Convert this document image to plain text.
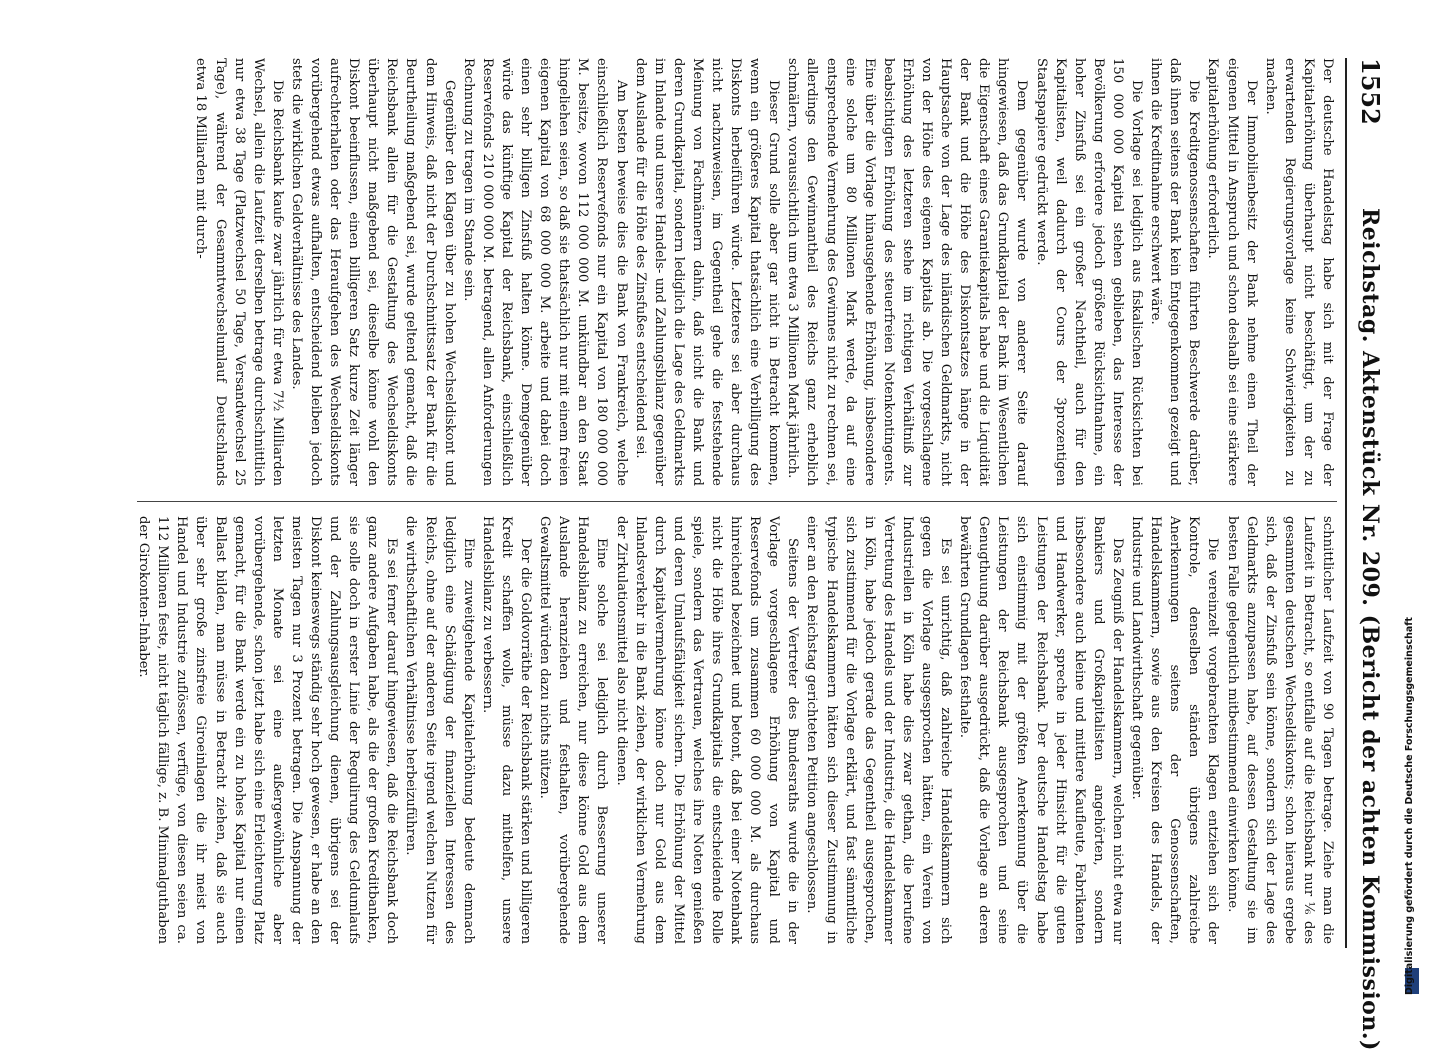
1552
Reichstag. Aktenstück Nr. 209. (Bericht der achten Kommission.)

Der deutsche Handelstag habe sich mit der Frage der Kapitalerhöhung überhaupt nicht beschäftigt, um der zu erwartenden Regierungsvorlage keine Schwierigkeiten zu machen.

Der Immobilienbesitz der Bank nehme einen Theil der eigenen Mittel in Anspruch und schon deshalb sei eine stärkere Kapitalerhöhung erforderlich.

Die Kreditgenossenschaften führten Beschwerde darüber, daß ihnen seitens der Bank kein Entgegenkommen gezeigt und ihnen die Kreditnahme erschwert wäre.

Die Vorlage sei lediglich aus fiskalischen Rücksichten bei 150 000 000 Kapital stehen geblieben, das Interesse der Bevölkerung erfordere jedoch größere Rücksichtnahme, ein hoher Zinsfuß sei ein großer Nachtheil, auch für den Kapitalisten, weil dadurch der Cours der 3prozentigen Staatspapiere gedrückt werde.

Dem gegenüber wurde von anderer Seite darauf hingewiesen, daß das Grundkapital der Bank im Wesentlichen die Eigenschaft eines Garantiekapitals habe und die Liquidität der Bank und die Höhe des Diskontsatzes hänge in der Hauptsache von der Lage des inländischen Geldmarkts, nicht von der Höhe des eigenen Kapitals ab. Die vorgeschlagene Erhöhung des letzteren stehe im richtigen Verhältniß zur beabsichtigten Erhöhung des steuerfreien Notenkontingents. Eine über die Vorlage hinausgehende Erhöhung, insbesondere eine solche um 80 Millionen Mark werde, da auf eine entsprechende Vermehrung des Gewinnes nicht zu rechnen sei, allerdings den Gewinnantheil des Reichs ganz erheblich schmälern, voraussichtlich um etwa 3 Millionen Mark jährlich.

Dieser Grund solle aber gar nicht in Betracht kommen, wenn ein größeres Kapital thatsächlich eine Verbilligung des Diskonts herbeiführen würde. Letzteres sei aber durchaus nicht nachzuweisen, im Gegentheil gehe die feststehende Meinung von Fachmännern dahin, daß nicht die Bank und deren Grundkapital, sondern lediglich die Lage des Geldmarkts im Inlande und unsere Handels- und Zahlungsbilanz gegenüber dem Auslande für die Höhe des Zinsfußes entscheidend sei.

Am besten beweise dies die Bank von Frankreich, welche einschließlich Reservefonds nur ein Kapital von 180 000 000 M. besitze, wovon 112 000 000 M. unkündbar an den Staat hingeliehen seien, so daß sie thatsächlich nur mit einem freien eigenen Kapital von 68 000 000 M. arbeite und dabei doch einen sehr billigen Zinsfuß halten könne. Demgegenüber würde das künftige Kapital der Reichsbank, einschließlich Reservefonds 210 000 000 M. betragend, allen Anforderungen Rechnung zu tragen im Stande sein.

Gegenüber den Klagen über zu hohen Wechseldiskont und dem Hinweis, daß nicht der Durchschnittssatz der Bank für die Beurtheilung maßgebend sei, wurde geltend gemacht, daß die Reichsbank allein für die Gestaltung des Wechseldiskonts überhaupt nicht maßgebend sei, dieselbe könne wohl den Diskont beeinflussen, einen billigeren Satz kurze Zeit länger aufrechterhalten oder das Heraufgehen des Wechseldiskonts vorübergehend etwas aufhalten, entscheidend bleiben jedoch stets die wirklichen Geldverhältnisse des Landes.

Die Reichsbank kaufe zwar jährlich für etwa 7½ Milliarden Wechsel, allein die Laufzeit derselben betrage durchschnittlich nur etwa 38 Tage (Platzwechsel 50 Tage, Versandwechsel 25 Tage), während der Gesammtwechselumlauf Deutschlands etwa 18 Milliarden mit durch-

schnittlicher Laufzeit von 90 Tagen betrage. Ziehe man die Laufzeit in Betracht, so entfalle auf die Reichsbank nur ⅙ des gesammten deutschen Wechseldiskonts; schon hieraus ergebe sich, daß der Zinsfuß sein könne, sondern sich der Lage des Geldmarkts anzupassen habe, auf dessen Gestaltung sie im besten Falle gelegentlich mitbestimmend einwirken könne.

Die vereinzelt vorgebrachten Klagen entziehen sich der Kontrole, denselben ständen übrigens zahlreiche Anerkennungen seitens der Genossenschaften, Handelskammern, sowie aus den Kreisen des Handels, der Industrie und Landwirthschaft gegenüber.

Das Zeugniß der Handelskammern, welchen nicht etwa nur Bankiers und Großkapitalisten angehörten, sondern insbesondere auch kleine und mittlere Kaufleute, Fabrikanten und Handwerker, spreche in jeder Hinsicht für die guten Leistungen der Reichsbank. Der deutsche Handelstag habe sich einstimmig mit der größten Anerkennung über die Leistungen der Reichsbank ausgesprochen und seine Genugthuung darüber ausgedrückt, daß die Vorlage an deren bewährten Grundlagen festhalte.

Es sei unrichtig, daß zahlreiche Handelskammern sich gegen die Vorlage ausgesprochen hätten, ein Verein von Industriellen in Köln habe dies zwar gethan, die berufene Vertretung des Handels und der Industrie, die Handelskammer in Köln, habe jedoch gerade das Gegentheil ausgesprochen, sich zustimmend für die Vorlage erklärt, und fast sämmtliche typische Handelskammern hätten sich dieser Zustimmung in einer an den Reichstag gerichteten Petition angeschlossen.

Seitens der Vertreter des Bundesraths wurde die in der Vorlage vorgeschlagene Erhöhung von Kapital und Reservefonds um zusammen 60 000 000 M. als durchaus hinreichend bezeichnet und betont, daß bei einer Notenbank nicht die Höhe ihres Grundkapitals die entscheidende Rolle spiele, sondern das Vertrauen, welches ihre Noten genießen und deren Umlaufsfähigkeit sichern. Die Erhöhung der Mittel durch Kapitalvermehrung könne doch nur Gold aus dem Inlandsverkehr in die Bank ziehen, der wirklichen Vermehrung der Zirkulationsmittel also nicht dienen.

Eine solche sei lediglich durch Besserung unserer Handelsbilanz zu erreichen, nur diese könne Gold aus dem Auslande heranziehen und festhalten, vorübergehende Gewaltsmittel würden dazu nichts nützen.

Der die Goldvorräthe der Reichsbank stärken und billigeren Kredit schaffen wolle, müsse dazu mithelfen, unsere Handelsbilanz zu verbessern.

Eine zuweitgehende Kapitalerhöhung bedeute demnach lediglich eine Schädigung der finanziellen Interessen des Reichs, ohne auf der anderen Seite irgend welchen Nutzen für die wirthschaftlichen Verhältnisse herbeizuführen.

Es sei ferner darauf hingewiesen, daß die Reichsbank doch ganz andere Aufgaben habe, als die der großen Kreditbanken, sie solle doch in erster Linie der Regulirung des Geldumlaufs und der Zahlungsausgleichung dienen, übrigens sei der Diskont keineswegs ständig sehr hoch gewesen, er habe an den meisten Tagen nur 3 Prozent betragen. Die Anspannung der letzten Monate sei eine außergewöhnliche aber vorübergehende, schon jetzt habe sich eine Erleichterung Platz gemacht, für die Bank werde ein zu hohes Kapital nur einen Ballast bilden, man müsse in Betracht ziehen, daß sie auch über sehr große zinsfreie Giroeinlagen die ihr meist von Handel und Industrie zuflössen, verfüge, von diesen seien ca. 112 Millionen feste, nicht täglich fällige, z. B. Minimalguthaben der Girokonten-Inhaber.

Digitalisierung gefördert durch die Deutsche Forschungsgemeinschaft
